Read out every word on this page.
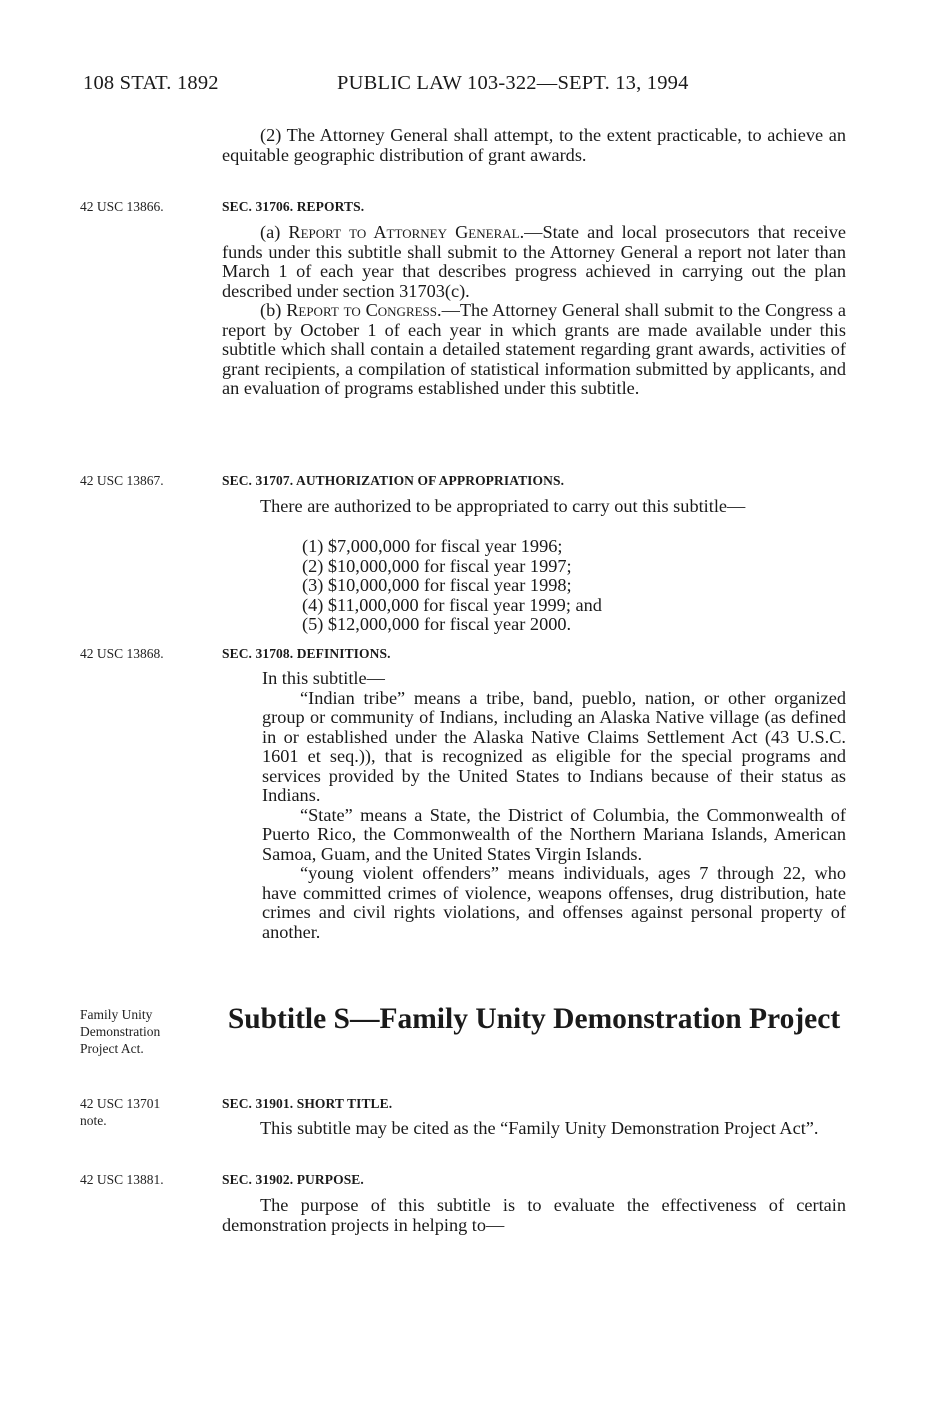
108 STAT. 1892	PUBLIC LAW 103-322—SEPT. 13, 1994

(2) The Attorney General shall attempt, to the extent practicable, to achieve an equitable geographic distribution of grant awards.

42 USC 13866.	SEC. 31706. REPORTS.

(a) Report to Attorney General.—State and local prosecutors that receive funds under this subtitle shall submit to the Attorney General a report not later than March 1 of each year that describes progress achieved in carrying out the plan described under section 31703(c).

(b) Report to Congress.—The Attorney General shall submit to the Congress a report by October 1 of each year in which grants are made available under this subtitle which shall contain a detailed statement regarding grant awards, activities of grant recipients, a compilation of statistical information submitted by applicants, and an evaluation of programs established under this subtitle.

42 USC 13867.	SEC. 31707. AUTHORIZATION OF APPROPRIATIONS.

There are authorized to be appropriated to carry out this subtitle—

(1) $7,000,000 for fiscal year 1996;
(2) $10,000,000 for fiscal year 1997;
(3) $10,000,000 for fiscal year 1998;
(4) $11,000,000 for fiscal year 1999; and
(5) $12,000,000 for fiscal year 2000.
42 USC 13868.	SEC. 31708. DEFINITIONS.

In this subtitle—

“Indian tribe” means a tribe, band, pueblo, nation, or other organized group or community of Indians, including an Alaska Native village (as defined in or established under the Alaska Native Claims Settlement Act (43 U.S.C. 1601 et seq.)), that is recognized as eligible for the special programs and services provided by the United States to Indians because of their status as Indians.

“State” means a State, the District of Columbia, the Commonwealth of Puerto Rico, the Commonwealth of the Northern Mariana Islands, American Samoa, Guam, and the United States Virgin Islands.

“young violent offenders” means individuals, ages 7 through 22, who have committed crimes of violence, weapons offenses, drug distribution, hate crimes and civil rights violations, and offenses against personal property of another.

Family Unity
Demonstration
Project Act.
Subtitle S—Family Unity Demonstration Project
42 USC 13701
note.
SEC. 31901. SHORT TITLE.

This subtitle may be cited as the “Family Unity Demonstration Project Act”.

42 USC 13881.	SEC. 31902. PURPOSE.

The purpose of this subtitle is to evaluate the effectiveness of certain demonstration projects in helping to—
